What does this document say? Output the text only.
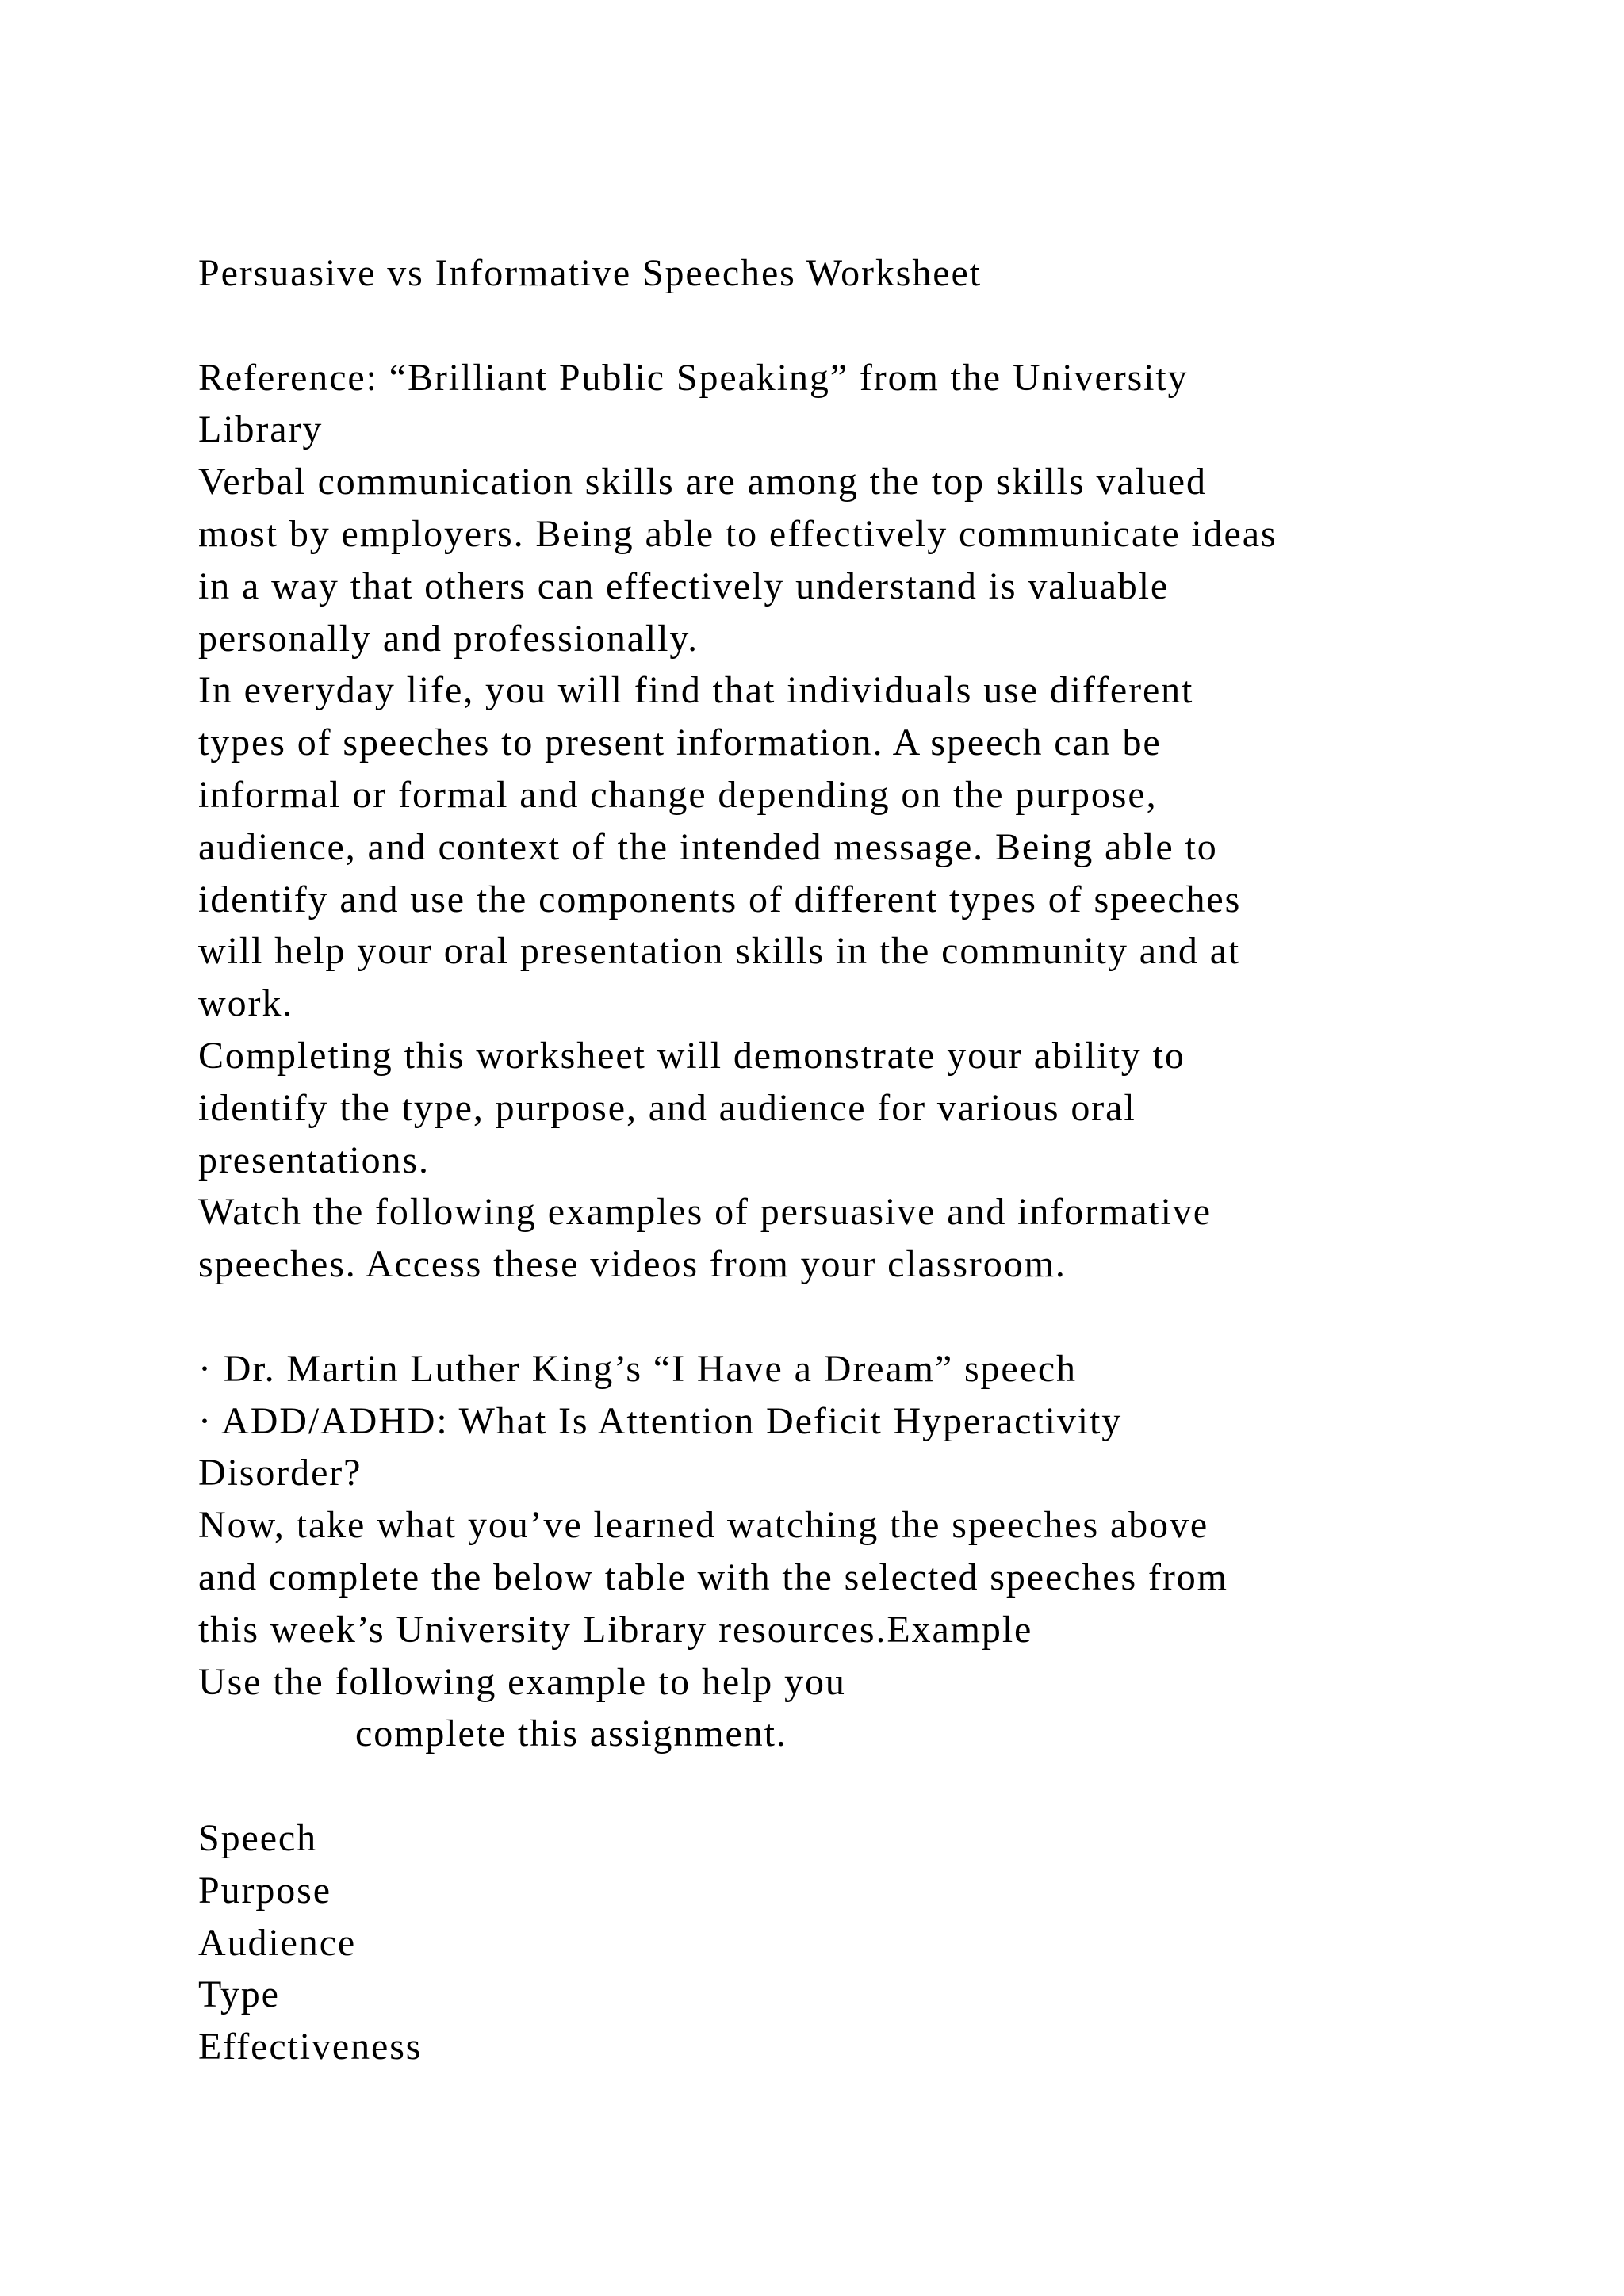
Persuasive vs Informative Speeches Worksheet
Reference: “Brilliant Public Speaking” from the University
Library
Verbal communication skills are among the top skills valued
most by employers. Being able to effectively communicate ideas
in a way that others can effectively understand is valuable
personally and professionally.
In everyday life, you will find that individuals use different
types of speeches to present information. A speech can be
informal or formal and change depending on the purpose,
audience, and context of the intended message. Being able to
identify and use the components of different types of speeches
will help your oral presentation skills in the community and at
work.
Completing this worksheet will demonstrate your ability to
identify the type, purpose, and audience for various oral
presentations.
Watch the following examples of persuasive and informative
speeches. Access these videos from your classroom.
· Dr. Martin Luther King’s “I Have a Dream” speech
· ADD/ADHD: What Is Attention Deficit Hyperactivity
Disorder?
Now, take what you’ve learned watching the speeches above
and complete the below table with the selected speeches from
this week’s University Library resources.Example
Use the following example to help you
complete this assignment.
Speech
Purpose
Audience
Type
Effectiveness
